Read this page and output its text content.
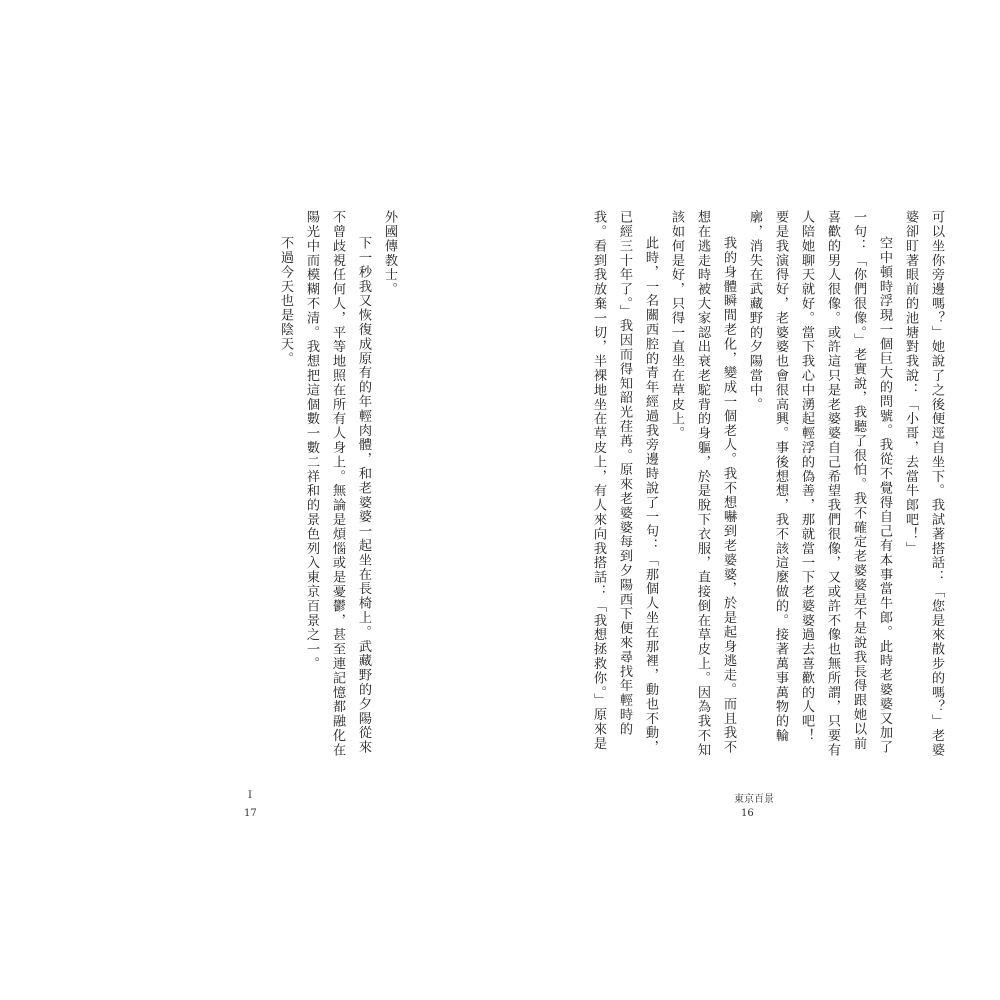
可以坐你旁邊嗎？」她說了之後便逕自坐下。我試著搭話：「您是來散步的嗎？」老婆

婆卻盯著眼前的池塘對我說：「小哥，去當牛郎吧！」

空中頓時浮現一個巨大的問號。我從不覺得自己有本事當牛郎。此時老婆婆又加了

一句：「你們很像。」老實說，我聽了很怕。我不確定老婆婆是不是說我長得跟她以前

喜歡的男人很像。或許這只是老婆婆自己希望我們很像，又或許不像也無所謂，只要有

人陪她聊天就好。當下我心中湧起輕浮的偽善，那就當一下老婆婆過去喜歡的人吧！

要是我演得好，老婆婆也會很高興。事後想想，我不該這麼做的。接著萬事萬物的輪

廓，消失在武藏野的夕陽當中。

我的身體瞬間老化，變成一個老人。我不想嚇到老婆婆，於是起身逃走。而且我不

想在逃走時被大家認出衰老駝背的身軀，於是脫下衣服，直接倒在草皮上。因為我不知

該如何是好，只得一直坐在草皮上。

此時，一名關西腔的青年經過我旁邊時說了一句：「那個人坐在那裡，動也不動，

已經三十年了。」我因而得知韶光荏苒。原來老婆婆每到夕陽西下便來尋找年輕時的

我。看到我放棄一切，半裸地坐在草皮上，有人來向我搭話：「我想拯救你。」原來是

外國傳教士。

下一秒我又恢復成原有的年輕肉體，和老婆婆一起坐在長椅上。武藏野的夕陽從來

不曾歧視任何人，平等地照在所有人身上。無論是煩惱或是憂鬱，甚至連記憶都融化在

陽光中而模糊不清。我想把這個數一數二祥和的景色列入東京百景之一。

不過今天也是陰天。

東京百景
16
I
17
